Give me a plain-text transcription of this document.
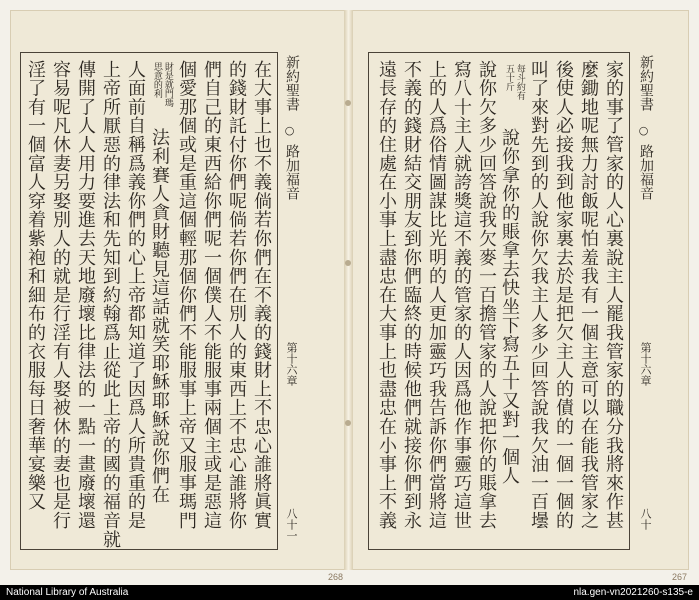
新約聖書
○
路加福音
第十六章
八十一
在大事上也不義倘若你們在不義的錢財上不忠心誰將眞實
的錢財託付你們呢倘若你們在別人的東西上不忠心誰將你
們自己的東西給你們呢一個僕人不能服事兩個主或是惡這
個愛那個或是重這個輕那個你們不能服事上帝又服事瑪門
財是就門瑪
思意的利
法利賽人貪財聽見這話就笑耶穌耶穌說你們在
人面前自稱爲義你們的心上帝都知道了因爲人所貴重的是
上帝所厭惡的律法和先知到約翰爲止從此上帝的國的福音就
傳開了人人用力要進去天地廢壞比律法的一點一畫廢壞還
容易呢凡休妻另娶別人的就是行淫有人娶被休的妻也是行
淫了有一個富人穿着紫袍和細布的衣服每日奢華宴樂又	新約聖書
○
路加福音
第十六章
八十
家的事了管家的人心裏說主人罷我管家的職分我將來作甚
麼鋤地呢無力討飯呢怕羞我有一個主意可以在能我管家之
後使人必接我到他家裏去於是把欠主人的債的一個一個的
叫了來對先到的人說你欠我主人多少回答說我欠油一百壜
每斗約有
五十斤
說你拿你的賬拿去快坐下寫五十又對一個人
說你欠多少回答說我欠麥一百擔管家的人說把你的賬拿去
寫八十主人就誇獎這不義的管家的人因爲他作事靈巧這世
上的人爲俗情圖謀比光明的人更加靈巧我告訴你們當將這
不義的錢財結交朋友到你們臨終的時候他們就接你們到永
遠長存的住處在小事上盡忠在大事上也盡忠在小事上不義
268	267
National Library of Australia	nla.gen-vn2021260-s135-e
